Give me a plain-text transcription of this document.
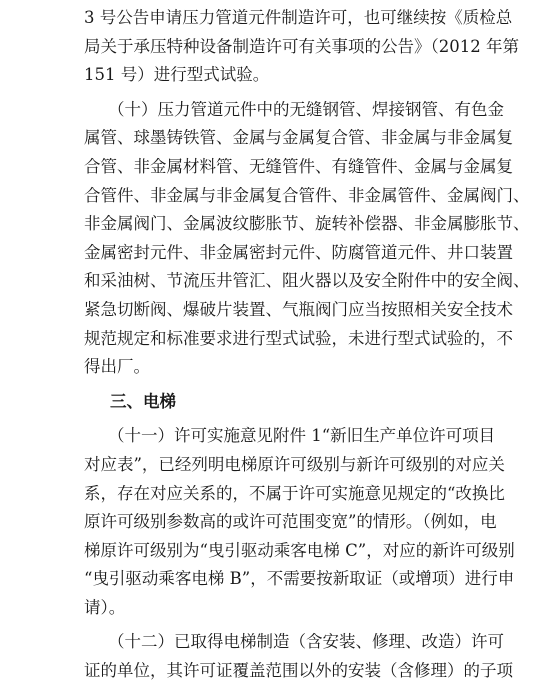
3 号公告申请压力管道元件制造许可，也可继续按《质检总
局关于承压特种设备制造许可有关事项的公告》（2012 年第
151 号）进行型式试验。
（十）压力管道元件中的无缝钢管、焊接钢管、有色金
属管、球墨铸铁管、金属与金属复合管、非金属与非金属复
合管、非金属材料管、无缝管件、有缝管件、金属与金属复
合管件、非金属与非金属复合管件、非金属管件、金属阀门、
非金属阀门、金属波纹膨胀节、旋转补偿器、非金属膨胀节、
金属密封元件、非金属密封元件、防腐管道元件、井口装置
和采油树、节流压井管汇、阻火器以及安全附件中的安全阀、
紧急切断阀、爆破片装置、气瓶阀门应当按照相关安全技术
规范规定和标准要求进行型式试验，未进行型式试验的，不
得出厂。
三、电梯
（十一）许可实施意见附件 1“新旧生产单位许可项目
对应表”，已经列明电梯原许可级别与新许可级别的对应关
系，存在对应关系的，不属于许可实施意见规定的“改换比
原许可级别参数高的或许可范围变宽”的情形。（例如，电
梯原许可级别为“曳引驱动乘客电梯 C”，对应的新许可级别
“曳引驱动乘客电梯 B”，不需要按新取证（或增项）进行申
请）。
（十二）已取得电梯制造（含安装、修理、改造）许可
证的单位，其许可证覆盖范围以外的安装（含修理）的子项
